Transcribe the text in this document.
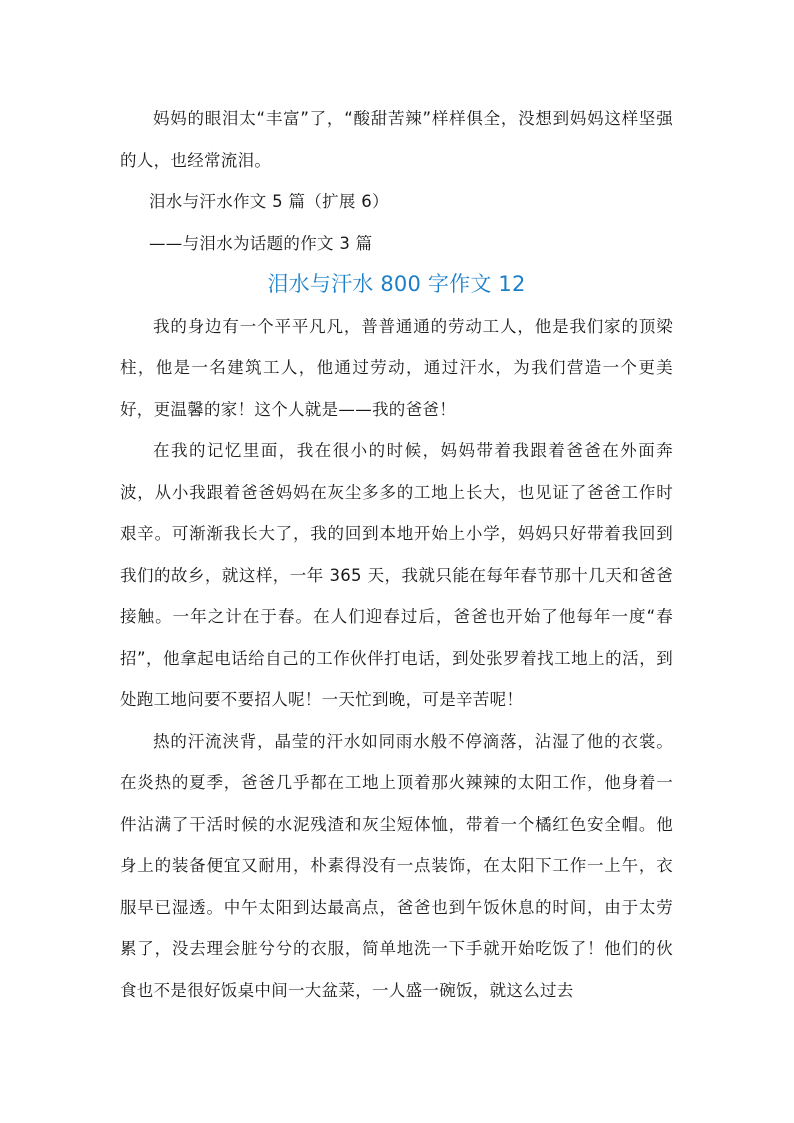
妈妈的眼泪太“丰富”了，“酸甜苦辣”样样俱全，没想到妈妈这样坚强的人，也经常流泪。

泪水与汗水作文 5 篇（扩展 6）

——与泪水为话题的作文 3 篇

泪水与汗水 800 字作文 12

我的身边有一个平平凡凡，普普通通的劳动工人，他是我们家的顶梁柱，他是一名建筑工人，他通过劳动，通过汗水，为我们营造一个更美好，更温馨的家！这个人就是——我的爸爸！

在我的记忆里面，我在很小的时候，妈妈带着我跟着爸爸在外面奔波，从小我跟着爸爸妈妈在灰尘多多的工地上长大，也见证了爸爸工作时艰辛。可渐渐我长大了，我的回到本地开始上小学，妈妈只好带着我回到我们的故乡，就这样，一年 365 天，我就只能在每年春节那十几天和爸爸接触。一年之计在于春。在人们迎春过后，爸爸也开始了他每年一度“春招”，他拿起电话给自己的工作伙伴打电话，到处张罗着找工地上的活，到处跑工地问要不要招人呢！一天忙到晚，可是辛苦呢！

热的汗流浃背，晶莹的汗水如同雨水般不停滴落，沾湿了他的衣裳。在炎热的夏季，爸爸几乎都在工地上顶着那火辣辣的太阳工作，他身着一件沾满了干活时候的水泥残渣和灰尘短体恤，带着一个橘红色安全帽。他身上的装备便宜又耐用，朴素得没有一点装饰，在太阳下工作一上午，衣服早已湿透。中午太阳到达最高点，爸爸也到午饭休息的时间，由于太劳累了，没去理会脏兮兮的衣服，简单地洗一下手就开始吃饭了！他们的伙食也不是很好饭桌中间一大盆菜，一人盛一碗饭，就这么过去
